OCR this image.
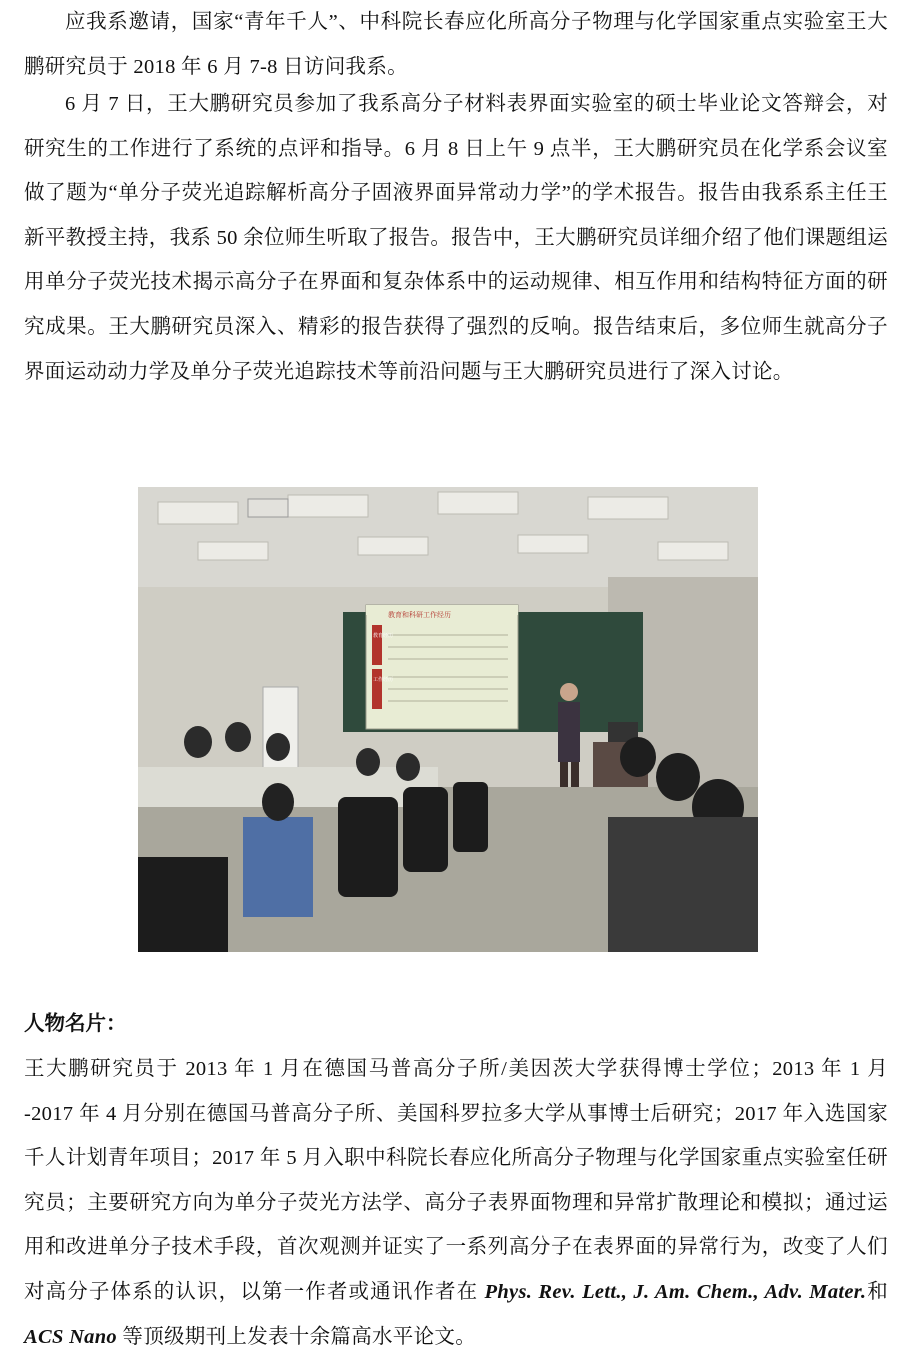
应我系邀请，国家“青年千人”、中科院长春应化所高分子物理与化学国家重点实验室王大鹏研究员于 2018 年 6 月 7-8 日访问我系。

6 月 7 日，王大鹏研究员参加了我系高分子材料表界面实验室的硕士毕业论文答辩会，对研究生的工作进行了系统的点评和指导。6 月 8 日上午 9 点半，王大鹏研究员在化学系会议室做了题为“单分子荧光追踪解析高分子固液界面异常动力学”的学术报告。报告由我系系主任王新平教授主持，我系 50 余位师生听取了报告。报告中，王大鹏研究员详细介绍了他们课题组运用单分子荧光技术揭示高分子在界面和复杂体系中的运动规律、相互作用和结构特征方面的研究成果。王大鹏研究员深入、精彩的报告获得了强烈的反响。报告结束后，多位师生就高分子界面运动动力学及单分子荧光追踪技术等前沿问题与王大鹏研究员进行了深入讨论。

教育和科研工作经历
教育经历
工作经历

人物名片：

王大鹏研究员于 2013 年 1 月在德国马普高分子所/美因茨大学获得博士学位；2013 年 1 月 -2017 年 4 月分别在德国马普高分子所、美国科罗拉多大学从事博士后研究；2017 年入选国家千人计划青年项目；2017 年 5 月入职中科院长春应化所高分子物理与化学国家重点实验室任研究员；主要研究方向为单分子荧光方法学、高分子表界面物理和异常扩散理论和模拟；通过运用和改进单分子技术手段，首次观测并证实了一系列高分子在表界面的异常行为，改变了人们对高分子体系的认识，以第一作者或通讯作者在 Phys. Rev. Lett., J. Am. Chem., Adv. Mater.和 ACS Nano 等顶级期刊上发表十余篇高水平论文。
